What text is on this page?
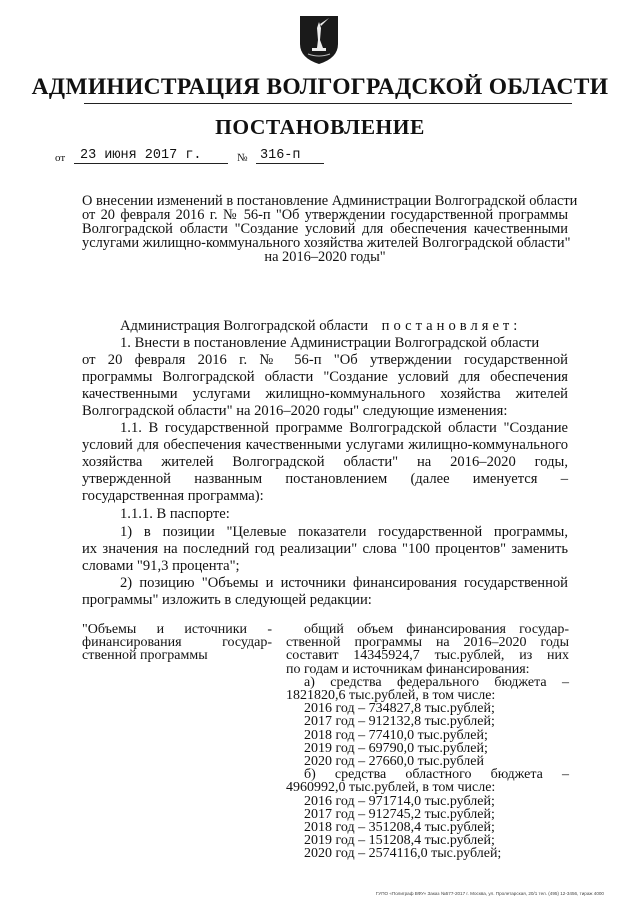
АДМИНИСТРАЦИЯ ВОЛГОГРАДСКОЙ ОБЛАСТИ
ПОСТАНОВЛЕНИЕ
от	23 июня 2017 г.	№ 316-п
О внесении изменений в постановление Администрации Волгоградской области
от 20 февраля 2016 г. № 56-п "Об утверждении государственной программы
Волгоградской области "Создание условий для обеспечения качественными
услугами жилищно-коммунального хозяйства жителей Волгоградской области"
на 2016–2020 годы"
Администрация Волгоградской области постановляет:
1. Внести в постановление Администрации Волгоградской области
от 20 февраля 2016 г. № 56-п "Об утверждении государственной
программы Волгоградской области "Создание условий для обеспечения
качественными услугами жилищно-коммунального хозяйства жителей
Волгоградской области" на 2016–2020 годы" следующие изменения:
1.1. В государственной программе Волгоградской области "Создание
условий для обеспечения качественными услугами жилищно-коммунального
хозяйства жителей Волгоградской области" на 2016–2020 годы,
утвержденной названным постановлением (далее именуется –
государственная программа):
1.1.1. В паспорте:
1) в позиции "Целевые показатели государственной программы,
их значения на последний год реализации" слова "100 процентов" заменить
словами "91,3 процента";
2) позицию "Объемы и источники финансирования государственной
программы" изложить в следующей редакции:
"Объемы и источники -
финансирования государ-
ственной программы
общий объем финансирования государ-
ственной программы на 2016–2020 годы
составит 14345924,7 тыс.рублей, из них
по годам и источникам финансирования:
а) средства федерального бюджета –
1821820,6 тыс.рублей, в том числе:
2016 год – 734827,8 тыс.рублей;
2017 год – 912132,8 тыс.рублей;
2018 год – 77410,0 тыс.рублей;
2019 год – 69790,0 тыс.рублей;
2020 год – 27660,0 тыс.рублей
б) средства областного бюджета –
4960992,0 тыс.рублей, в том числе:
2016 год – 971714,0 тыс.рублей;
2017 год – 912745,2 тыс.рублей;
2018 год – 351208,4 тыс.рублей;
2019 год – 151208,4 тыс.рублей;
2020 год – 2574116,0 тыс.рублей;
ГУПО «Полиграф ВФУ» Заказ №577-2017 г. Москва, ул. Пролетарская, 20/1 тел. (495) 12-3456, тираж 4000
